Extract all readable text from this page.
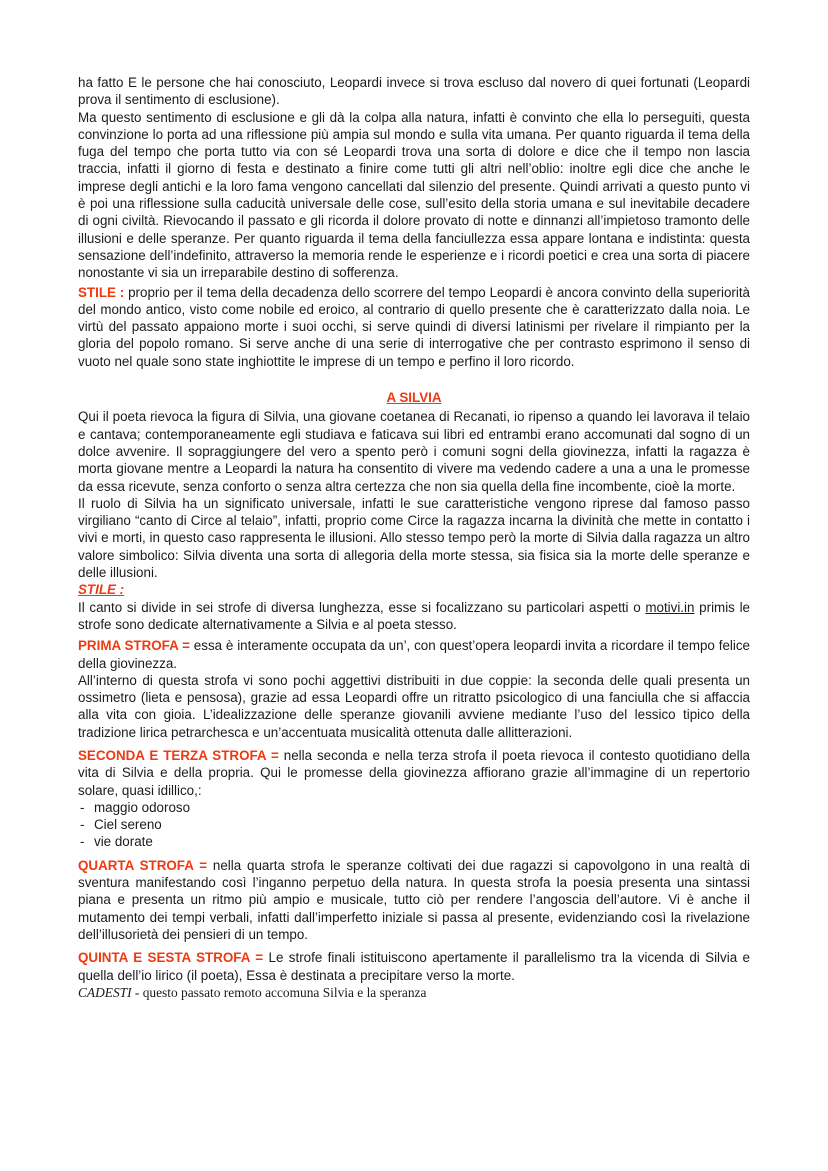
ha fatto E le persone che hai conosciuto, Leopardi invece si trova escluso dal novero di quei fortunati (Leopardi prova il sentimento di esclusione).

Ma questo sentimento di esclusione e gli dà la colpa alla natura, infatti è convinto che ella lo perseguiti, questa convinzione lo porta ad una riflessione più ampia sul mondo e sulla vita umana. Per quanto riguarda il tema della fuga del tempo che porta tutto via con sé Leopardi trova una sorta di dolore e dice che il tempo non lascia traccia, infatti il giorno di festa e destinato a finire come tutti gli altri nell’oblio: inoltre egli dice che anche le imprese degli antichi e la loro fama vengono cancellati dal silenzio del presente. Quindi arrivati a questo punto vi è poi una riflessione sulla caducità universale delle cose, sull’esito della storia umana e sul inevitabile decadere di ogni civiltà. Rievocando il passato e gli ricorda il dolore provato di notte e dinnanzi all’impietoso tramonto delle illusioni e delle speranze. Per quanto riguarda il tema della fanciullezza essa appare lontana e indistinta: questa sensazione dell’indefinito, attraverso la memoria rende le esperienze e i ricordi poetici e crea una sorta di piacere nonostante vi sia un irreparabile destino di sofferenza.

STILE : proprio per il tema della decadenza dello scorrere del tempo Leopardi è ancora convinto della superiorità del mondo antico, visto come nobile ed eroico, al contrario di quello presente che è caratterizzato dalla noia. Le virtù del passato appaiono morte i suoi occhi, si serve quindi di diversi latinismi per rivelare il rimpianto per la gloria del popolo romano. Si serve anche di una serie di interrogative che per contrasto esprimono il senso di vuoto nel quale sono state inghiottite le imprese di un tempo e perfino il loro ricordo.

A SILVIA

Qui il poeta rievoca la figura di Silvia, una giovane coetanea di Recanati, io ripenso a quando lei lavorava il telaio e cantava; contemporaneamente egli studiava e faticava sui libri ed entrambi erano accomunati dal sogno di un dolce avvenire. Il sopraggiungere del vero a spento però i comuni sogni della giovinezza, infatti la ragazza è morta giovane mentre a Leopardi la natura ha consentito di vivere ma vedendo cadere a una a una le promesse da essa ricevute, senza conforto o senza altra certezza che non sia quella della fine incombente, cioè la morte.

Il ruolo di Silvia ha un significato universale, infatti le sue caratteristiche vengono riprese dal famoso passo virgiliano “canto di Circe al telaio”, infatti, proprio come Circe la ragazza incarna la divinità che mette in contatto i vivi e morti, in questo caso rappresenta le illusioni. Allo stesso tempo però la morte di Silvia dalla ragazza un altro valore simbolico: Silvia diventa una sorta di allegoria della morte stessa, sia fisica sia la morte delle speranze e delle illusioni.

STILE :

Il canto si divide in sei strofe di diversa lunghezza, esse si focalizzano su particolari aspetti o motivi.in primis le strofe sono dedicate alternativamente a Silvia e al poeta stesso.

PRIMA STROFA = essa è interamente occupata da un’, con quest’opera leopardi invita a ricordare il tempo felice della giovinezza.

All’interno di questa strofa vi sono pochi aggettivi distribuiti in due coppie: la seconda delle quali presenta un ossimetro (lieta e pensosa), grazie ad essa Leopardi offre un ritratto psicologico di una fanciulla che si affaccia alla vita con gioia. L’idealizzazione delle speranze giovanili avviene mediante l’uso del lessico tipico della tradizione lirica petrarchesca e un’accentuata musicalità ottenuta dalle allitterazioni.

SECONDA E TERZA STROFA = nella seconda e nella terza strofa il poeta rievoca il contesto quotidiano della vita di Silvia e della propria. Qui le promesse della giovinezza affiorano grazie all’immagine di un repertorio solare, quasi idillico,:

- maggio odoroso
- Ciel sereno
- vie dorate

QUARTA STROFA = nella quarta strofa le speranze coltivati dei due ragazzi si capovolgono in una realtà di sventura manifestando così l’inganno perpetuo della natura. In questa strofa la poesia presenta una sintassi piana e presenta un ritmo più ampio e musicale, tutto ciò per rendere l’angoscia dell’autore. Vi è anche il mutamento dei tempi verbali, infatti dall’imperfetto iniziale si passa al presente, evidenziando così la rivelazione dell’illusorietà dei pensieri di un tempo.

QUINTA E SESTA STROFA = Le strofe finali istituiscono apertamente il parallelismo tra la vicenda di Silvia e quella dell’io lirico (il poeta), Essa è destinata a precipitare verso la morte.

CADESTI - questo passato remoto accomuna Silvia e la speranza
